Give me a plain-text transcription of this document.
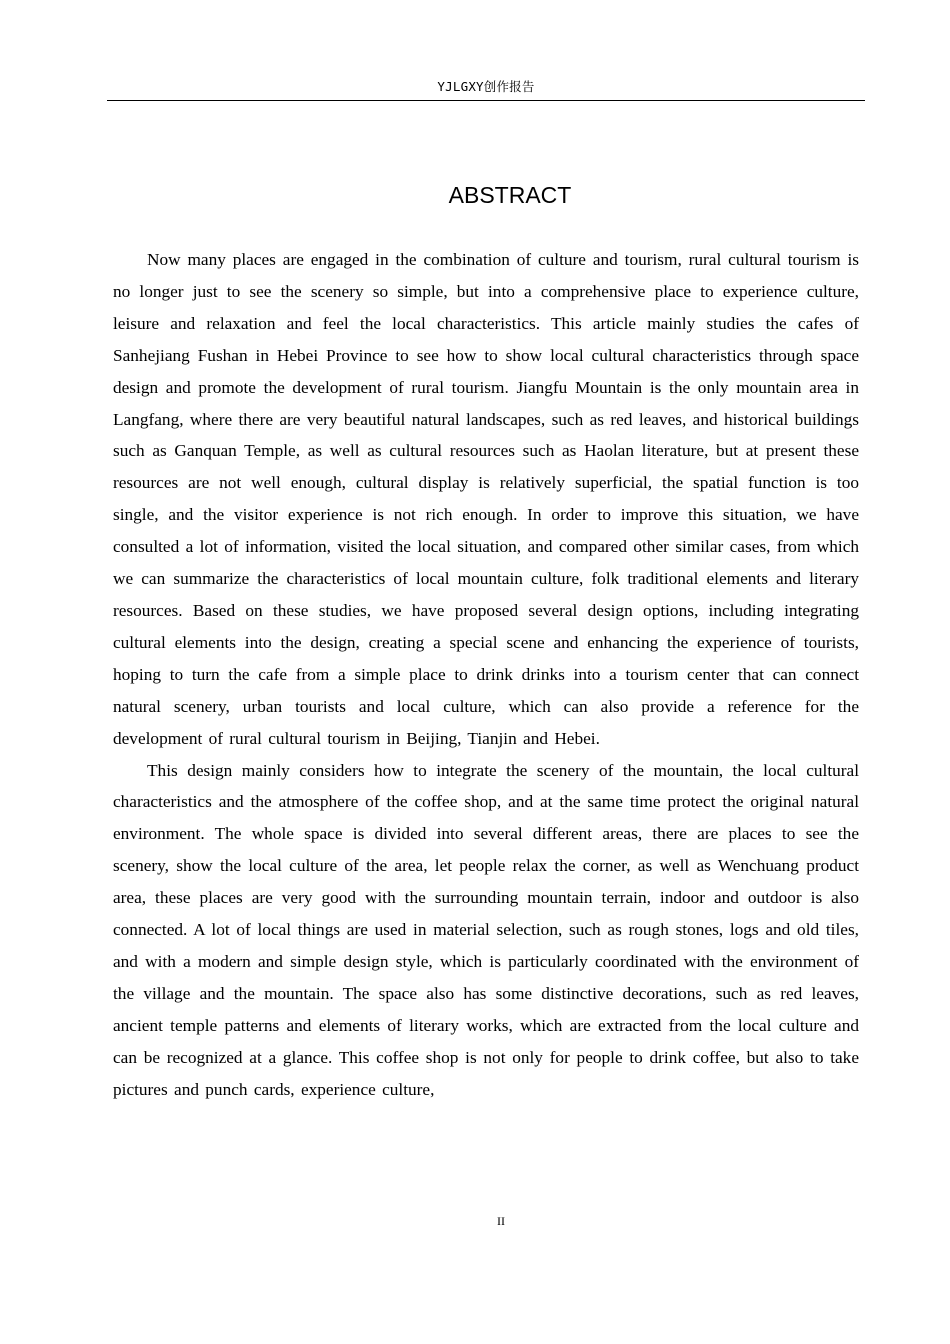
YJLGXY创作报告
ABSTRACT

Now many places are engaged in the combination of culture and tourism, rural cultural tourism is no longer just to see the scenery so simple, but into a comprehensive place to experience culture, leisure and relaxation and feel the local characteristics. This article mainly studies the cafes of Sanhejiang Fushan in Hebei Province to see how to show local cultural characteristics through space design and promote the development of rural tourism. Jiangfu Mountain is the only mountain area in Langfang, where there are very beautiful natural landscapes, such as red leaves, and historical buildings such as Ganquan Temple, as well as cultural resources such as Haolan literature, but at present these resources are not well enough, cultural display is relatively superficial, the spatial function is too single, and the visitor experience is not rich enough. In order to improve this situation, we have consulted a lot of information, visited the local situation, and compared other similar cases, from which we can summarize the characteristics of local mountain culture, folk traditional elements and literary resources. Based on these studies, we have proposed several design options, including integrating cultural elements into the design, creating a special scene and enhancing the experience of tourists, hoping to turn the cafe from a simple place to drink drinks into a tourism center that can connect natural scenery, urban tourists and local culture, which can also provide a reference for the development of rural cultural tourism in Beijing, Tianjin and Hebei.

This design mainly considers how to integrate the scenery of the mountain, the local cultural characteristics and the atmosphere of the coffee shop, and at the same time protect the original natural environment. The whole space is divided into several different areas, there are places to see the scenery, show the local culture of the area, let people relax the corner, as well as Wenchuang product area, these places are very good with the surrounding mountain terrain, indoor and outdoor is also connected. A lot of local things are used in material selection, such as rough stones, logs and old tiles, and with a modern and simple design style, which is particularly coordinated with the environment of the village and the mountain. The space also has some distinctive decorations, such as red leaves, ancient temple patterns and elements of literary works, which are extracted from the local culture and can be recognized at a glance. This coffee shop is not only for people to drink coffee, but also to take pictures and punch cards, experience culture,

II
